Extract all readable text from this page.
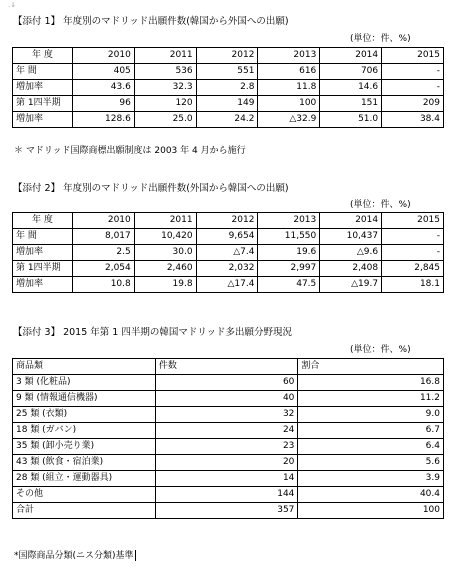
.↓
【添付 1】 年度別のマドリッド出願件数(韓国から外国への出願)
(単位：件、%)
年 度	2010	2011	2012	2013	2014	2015
年 間	405	536	551	616	706	-
増加率	43.6	32.3	2.8	11.8	14.6	-
第 1四半期	96	120	149	100	151	209
増加率	128.6	25.0	24.2	△32.9	51.0	38.4
＊ マドリッド国際商標出願制度は 2003 年 4 月から施行
【添付 2】 年度別のマドリッド出願件数(外国から韓国への出願)
(単位：件、%)
年 度	2010	2011	2012	2013	2014	2015
年 間	8,017	10,420	9,654	11,550	10,437	-
増加率	2.5	30.0	△7.4	19.6	△9.6	-
第 1四半期	2,054	2,460	2,032	2,997	2,408	2,845
増加率	10.8	19.8	△17.4	47.5	△19.7	18.1
【添付 3】 2015 年第 1 四半期の韓国マドリッド多出願分野現況
(単位：件、%)
商品類	件数	割合
3 類 (化粧品)	60	16.8
9 類 (情報通信機器)	40	11.2
25 類 (衣類)	32	9.0
18 類 (ガバン)	24	6.7
35 類 (卸小売り業)	23	6.4
43 類 (飲食・宿泊業)	20	5.6
28 類 (組立・運動器具)	14	3.9
その他	144	40.4
合計	357	100
*国際商品分類(ニス分類)基準
